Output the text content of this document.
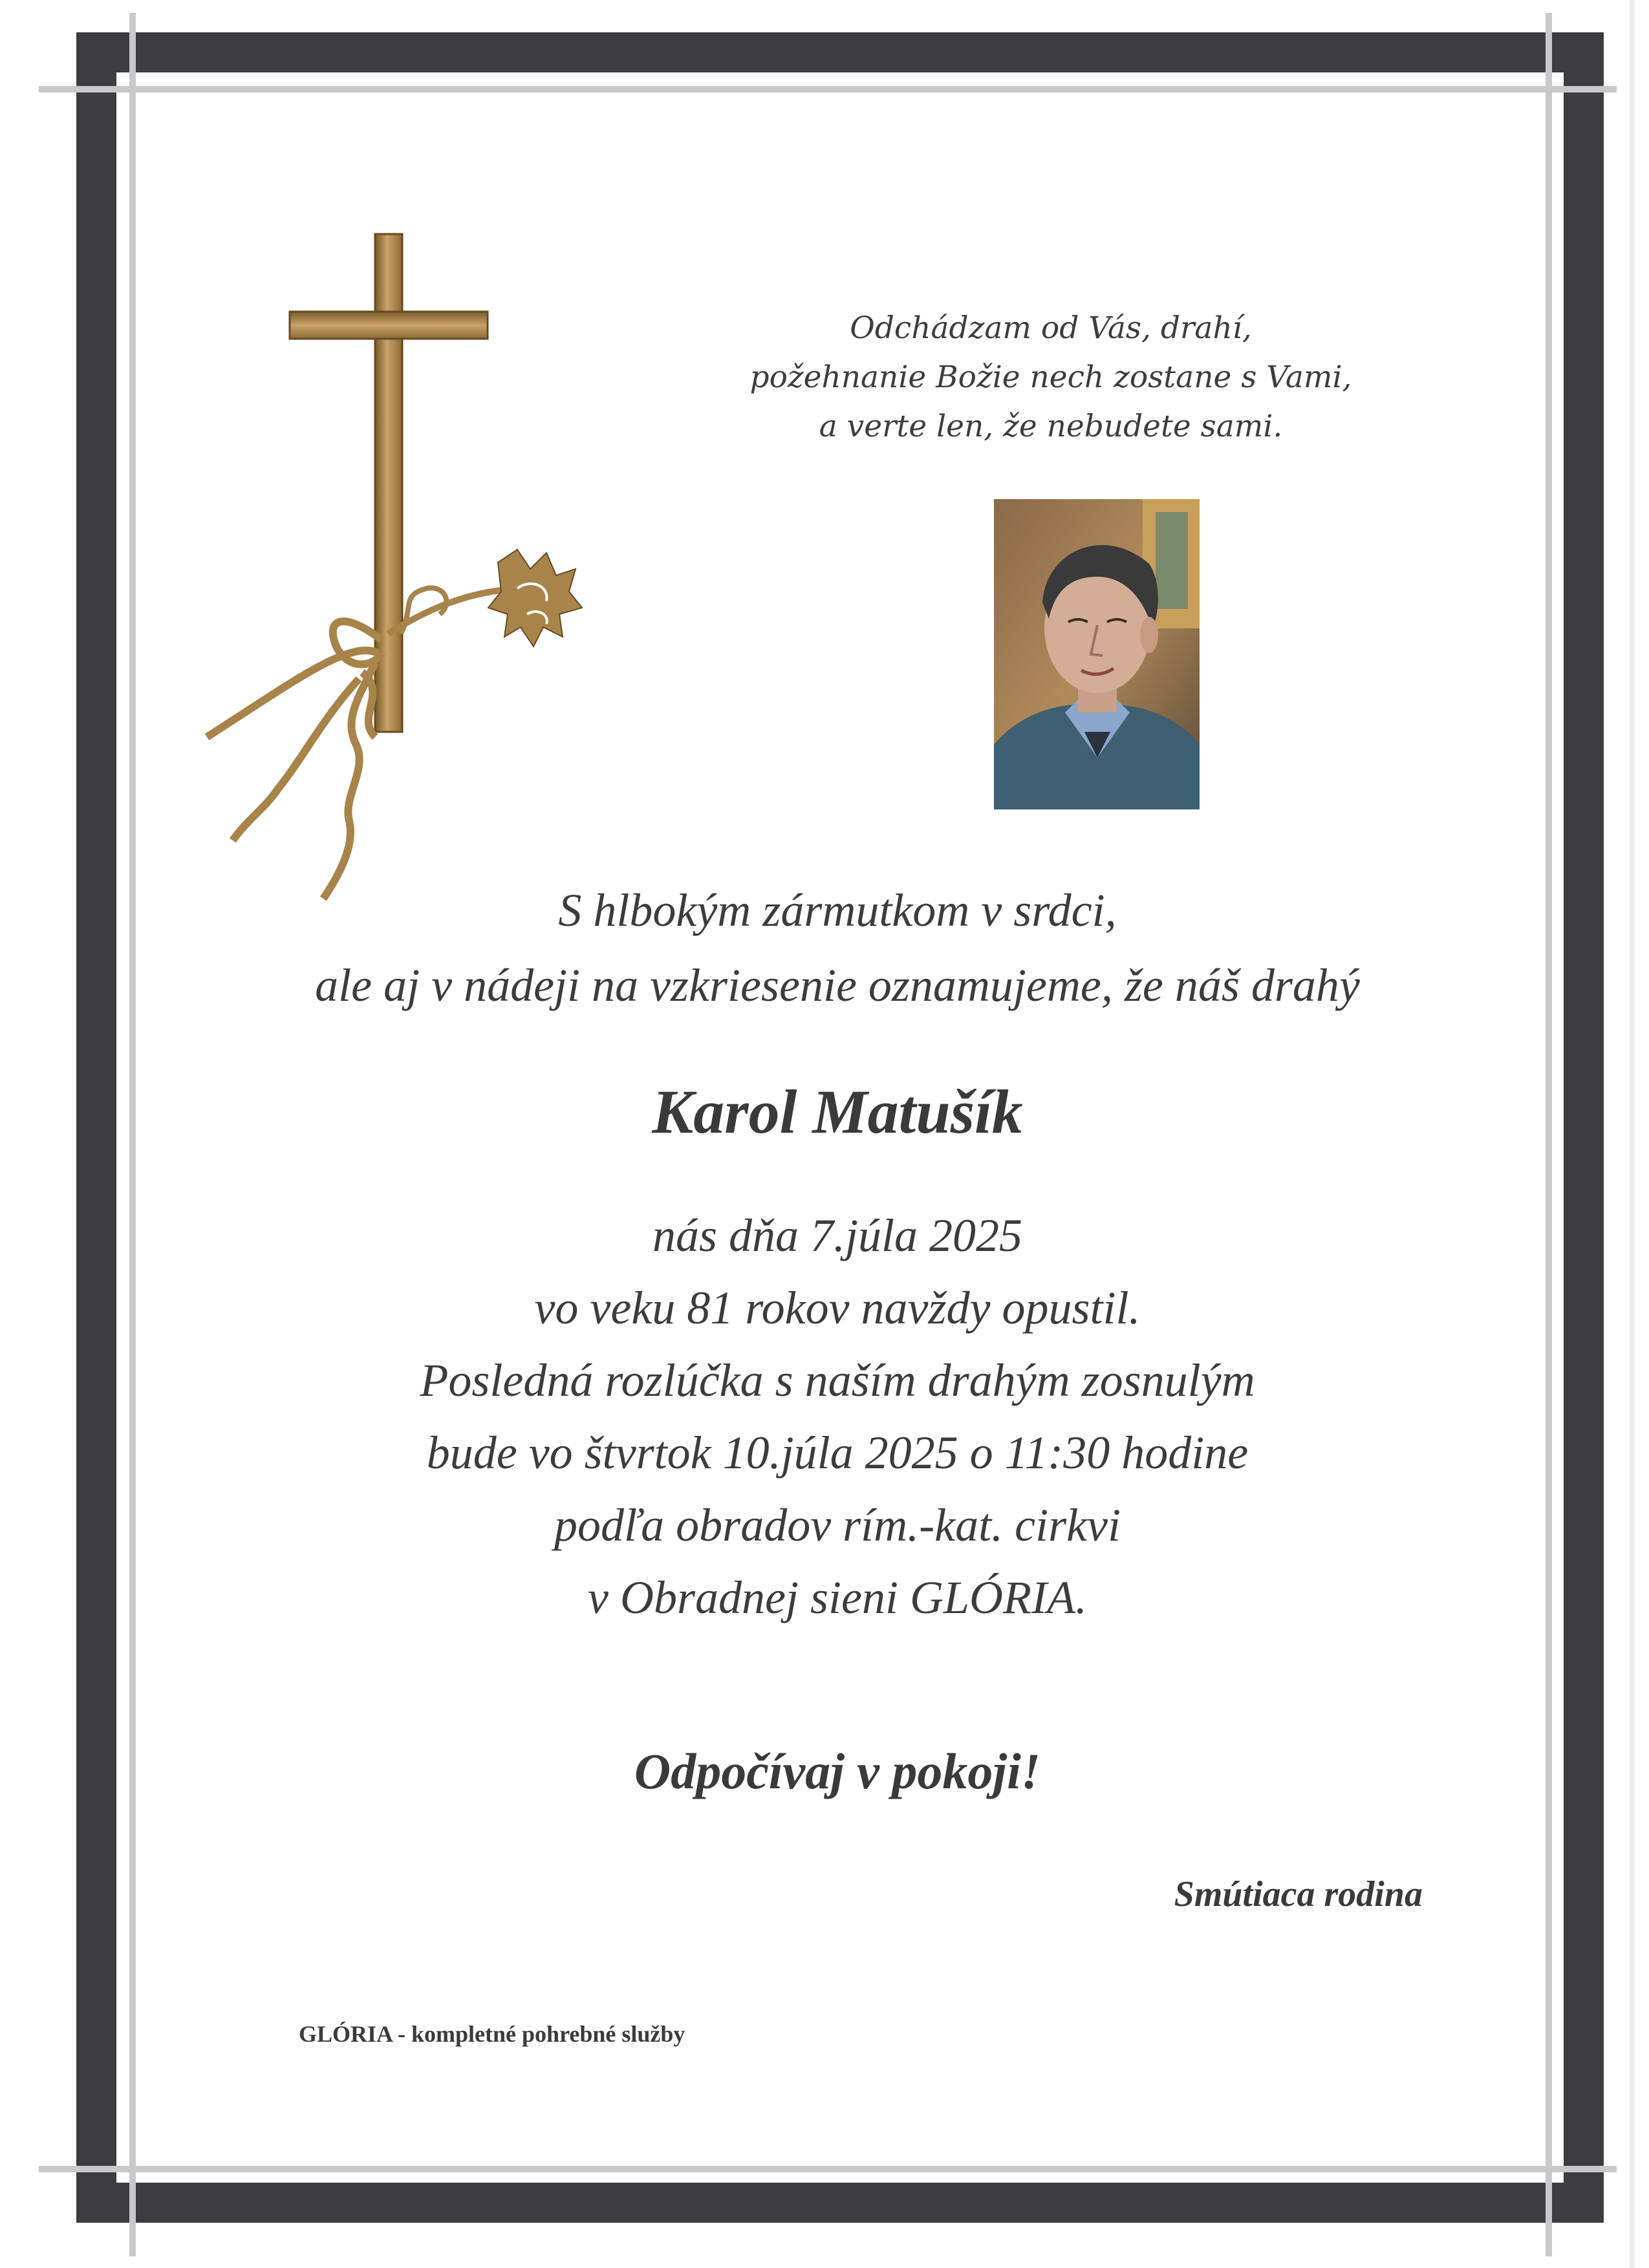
Odchádzam od Vás, drahí,
požehnanie Božie nech zostane s Vami,
a verte len, že nebudete sami.
S hlbokým zármutkom v srdci,
ale aj v nádeji na vzkriesenie oznamujeme, že náš drahý
Karol Matušík
nás dňa 7.júla 2025
vo veku 81 rokov navždy opustil.
Posledná rozlúčka s naším drahým zosnulým
bude vo štvrtok 10.júla 2025 o 11:30 hodine
podľa obradov rím.-kat. cirkvi
v Obradnej sieni GLÓRIA.
Odpočívaj v pokoji!
Smútiaca rodina
GLÓRIA - kompletné pohrebné služby
